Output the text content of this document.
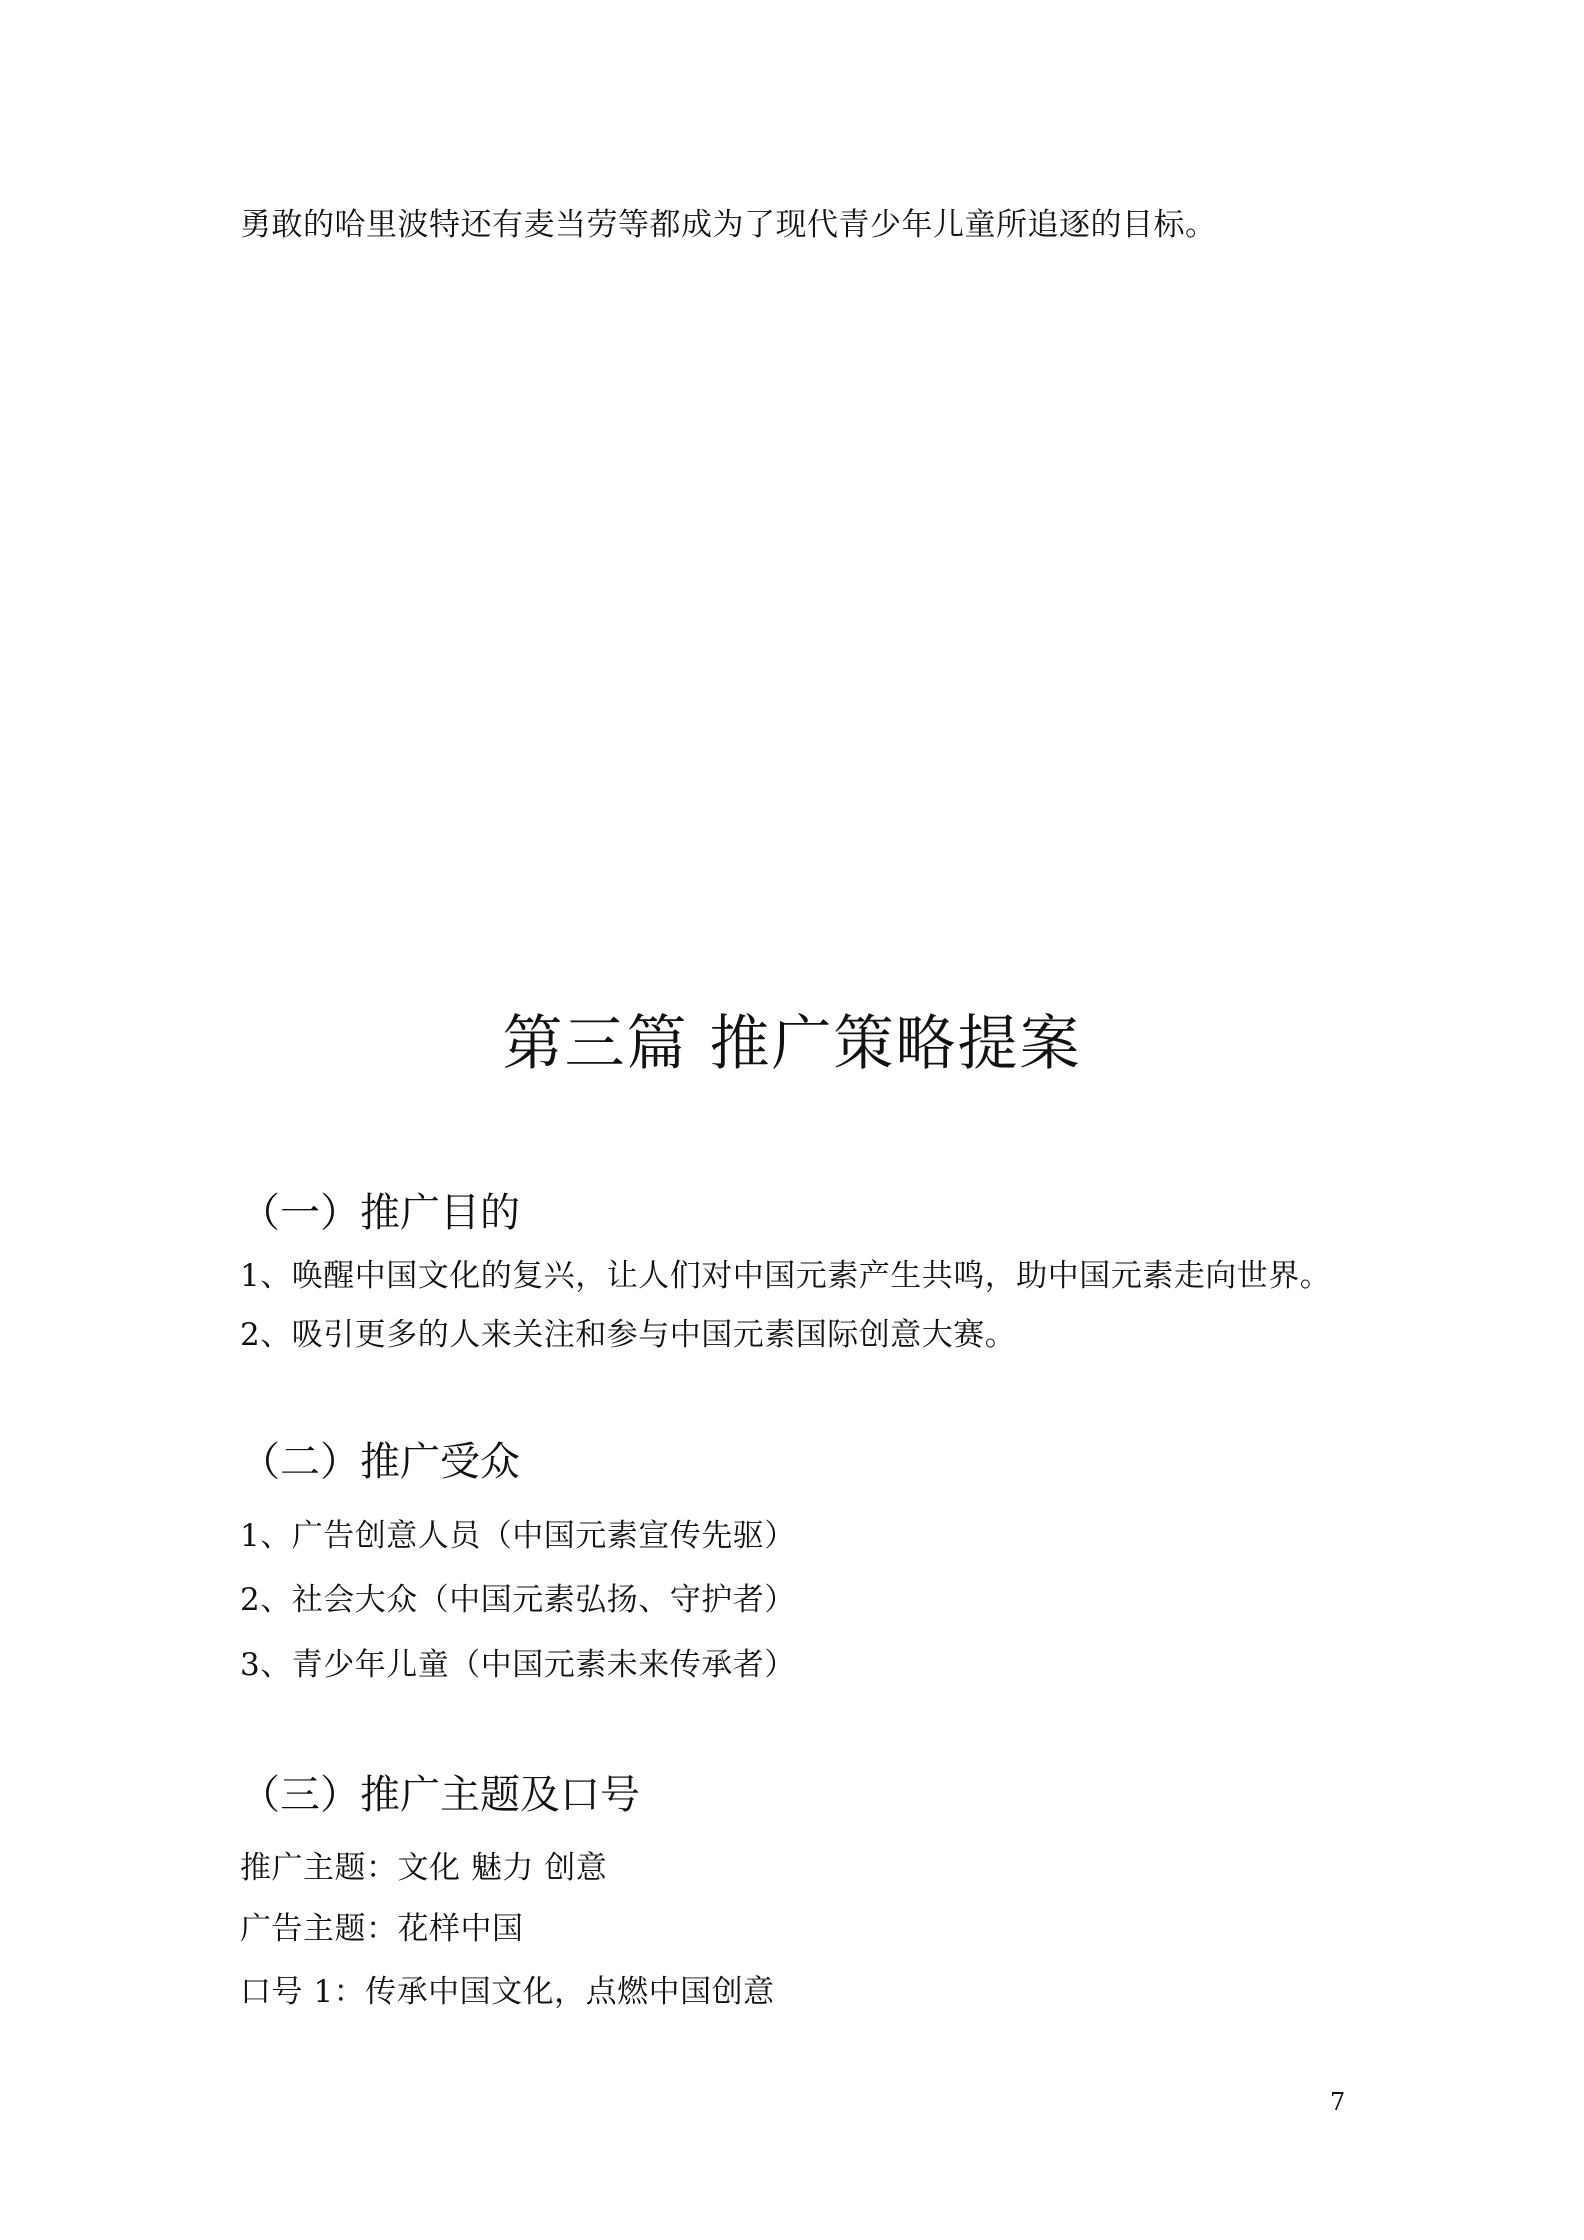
勇敢的哈里波特还有麦当劳等都成为了现代青少年儿童所追逐的目标。
第三篇 推广策略提案
（一）推广目的
1、唤醒中国文化的复兴，让人们对中国元素产生共鸣，助中国元素走向世界。
2、吸引更多的人来关注和参与中国元素国际创意大赛。
（二）推广受众
1、广告创意人员（中国元素宣传先驱）
2、社会大众（中国元素弘扬、守护者）
3、青少年儿童（中国元素未来传承者）
（三）推广主题及口号
推广主题：文化 魅力 创意
广告主题：花样中国
口号 1：传承中国文化，点燃中国创意
7
